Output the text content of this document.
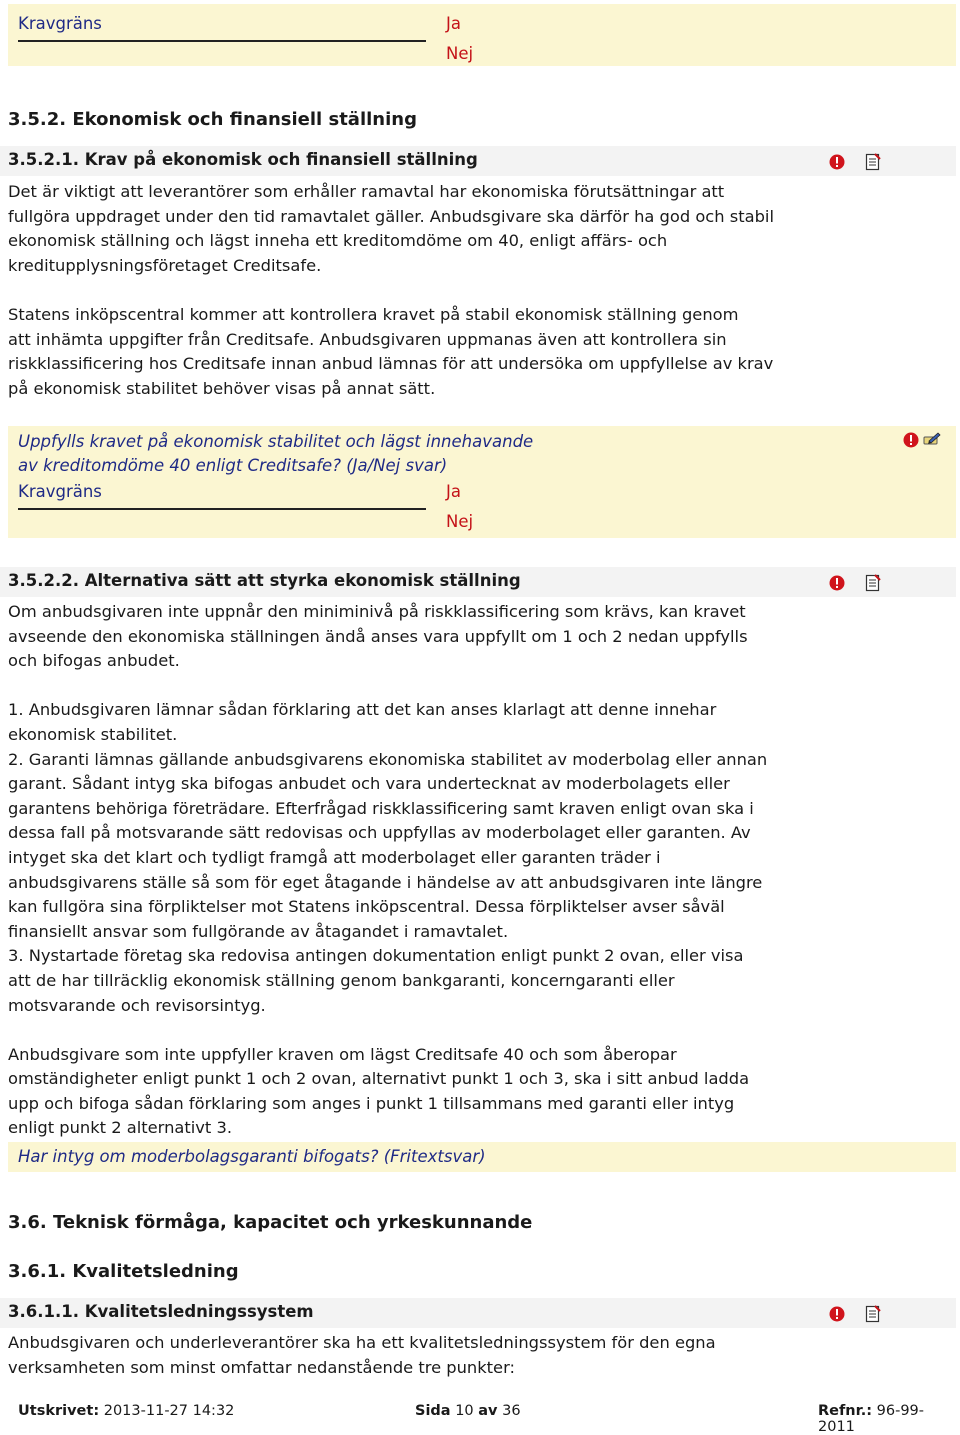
Kravgräns	Ja
Nej
3.5.2. Ekonomisk och finansiell ställning
3.5.2.1. Krav på ekonomisk och finansiell ställning

Det är viktigt att leverantörer som erhåller ramavtal har ekonomiska förutsättningar att

fullgöra uppdraget under den tid ramavtalet gäller. Anbudsgivare ska därför ha god och stabil

ekonomisk ställning och lägst inneha ett kreditomdöme om 40, enligt affärs- och

kreditupplysningsföretaget Creditsafe.

Statens inköpscentral kommer att kontrollera kravet på stabil ekonomisk ställning genom

att inhämta uppgifter från Creditsafe. Anbudsgivaren uppmanas även att kontrollera sin

riskklassificering hos Creditsafe innan anbud lämnas för att undersöka om uppfyllelse av krav

på ekonomisk stabilitet behöver visas på annat sätt.

Uppfylls kravet på ekonomisk stabilitet och lägst innehavande
av kreditomdöme 40 enligt Creditsafe? (Ja/Nej svar)
Kravgräns	Ja
Nej
3.5.2.2. Alternativa sätt att styrka ekonomisk ställning

Om anbudsgivaren inte uppnår den miniminivå på riskklassificering som krävs, kan kravet

avseende den ekonomiska ställningen ändå anses vara uppfyllt om 1 och 2 nedan uppfylls

och bifogas anbudet.

1. Anbudsgivaren lämnar sådan förklaring att det kan anses klarlagt att denne innehar

ekonomisk stabilitet.

2. Garanti lämnas gällande anbudsgivarens ekonomiska stabilitet av moderbolag eller annan

garant. Sådant intyg ska bifogas anbudet och vara undertecknat av moderbolagets eller

garantens behöriga företrädare. Efterfrågad riskklassificering samt kraven enligt ovan ska i

dessa fall på motsvarande sätt redovisas och uppfyllas av moderbolaget eller garanten. Av

intyget ska det klart och tydligt framgå att moderbolaget eller garanten träder i

anbudsgivarens ställe så som för eget åtagande i händelse av att anbudsgivaren inte längre

kan fullgöra sina förpliktelser mot Statens inköpscentral. Dessa förpliktelser avser såväl

finansiellt ansvar som fullgörande av åtagandet i ramavtalet.

3. Nystartade företag ska redovisa antingen dokumentation enligt punkt 2 ovan, eller visa

att de har tillräcklig ekonomisk ställning genom bankgaranti, koncerngaranti eller

motsvarande och revisorsintyg.

Anbudsgivare som inte uppfyller kraven om lägst Creditsafe 40 och som åberopar

omständigheter enligt punkt 1 och 2 ovan, alternativt punkt 1 och 3, ska i sitt anbud ladda

upp och bifoga sådan förklaring som anges i punkt 1 tillsammans med garanti eller intyg

enligt punkt 2 alternativt 3.

Har intyg om moderbolagsgaranti bifogats? (Fritextsvar)
3.6. Teknisk förmåga, kapacitet och yrkeskunnande
3.6.1. Kvalitetsledning
3.6.1.1. Kvalitetsledningssystem

Anbudsgivaren och underleverantörer ska ha ett kvalitetsledningssystem för den egna

verksamheten som minst omfattar nedanstående tre punkter:

Utskrivet: 2013-11-27 14:32	Sida 10 av 36	Refnr.: 96-99-2011
